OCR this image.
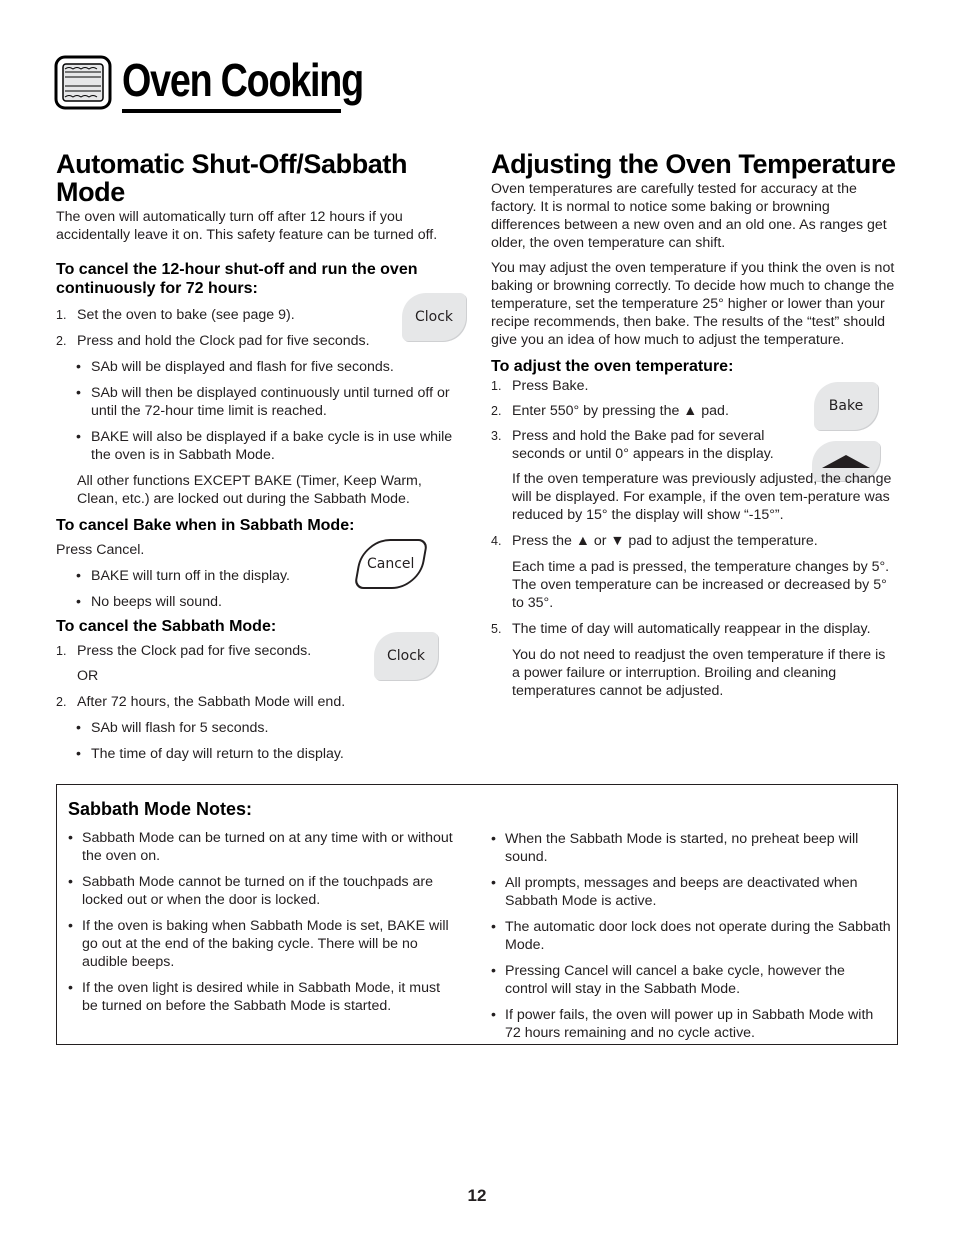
Oven Cooking
Automatic Shut-Off/Sabbath Mode

The oven will automatically turn off after 12 hours if you accidentally leave it on. This safety feature can be turned off.

To cancel the 12-hour shut-off and run the oven continuously for 72 hours:
1. Set the oven to bake (see page 9).
2. Press and hold the Clock pad for five seconds.
• SAb will be displayed and flash for five seconds.
• SAb will then be displayed continuously until turned off or until the 72-hour time limit is reached.
• BAKE will also be displayed if a bake cycle is in use while the oven is in Sabbath Mode.

All other functions EXCEPT BAKE (Timer, Keep Warm, Clean, etc.) are locked out during the Sabbath Mode.

To cancel Bake when in Sabbath Mode:

Press Cancel.

• BAKE will turn off in the display.
• No beeps will sound.
To cancel the Sabbath Mode:
1. Press the Clock pad for five seconds.

OR

2. After 72 hours, the Sabbath Mode will end.
• SAb will flash for 5 seconds.
• The time of day will return to the display.
Clock
Cancel
Clock
Bake
Adjusting the Oven Temperature

Oven temperatures are carefully tested for accuracy at the factory. It is normal to notice some baking or browning differences between a new oven and an old one. As ranges get older, the oven temperature can shift.

You may adjust the oven temperature if you think the oven is not baking or browning correctly. To decide how much to change the temperature, set the temperature 25° higher or lower than your recipe recommends, then bake. The results of the “test” should give you an idea of how much to adjust the temperature.

To adjust the oven temperature:
1. Press Bake.
2. Enter 550° by pressing the ▲ pad.
3. Press and hold the Bake pad for several seconds or until 0° appears in the display.

If the oven temperature was previously adjusted, the change will be displayed. For example, if the oven tem-perature was reduced by 15° the display will show “-15°”.

4. Press the ▲ or ▼ pad to adjust the temperature.

Each time a pad is pressed, the temperature changes by 5°. The oven temperature can be increased or decreased by 5° to 35°.

5. The time of day will automatically reappear in the display.

You do not need to readjust the oven temperature if there is a power failure or interruption. Broiling and cleaning temperatures cannot be adjusted.

Sabbath Mode Notes:
• Sabbath Mode can be turned on at any time with or without the oven on.
• Sabbath Mode cannot be turned on if the touchpads are locked out or when the door is locked.
• If the oven is baking when Sabbath Mode is set, BAKE will go out at the end of the baking cycle. There will be no audible beeps.
• If the oven light is desired while in Sabbath Mode, it must be turned on before the Sabbath Mode is started.
• When the Sabbath Mode is started, no preheat beep will sound.
• All prompts, messages and beeps are deactivated when Sabbath Mode is active.
• The automatic door lock does not operate during the Sabbath Mode.
• Pressing Cancel will cancel a bake cycle, however the control will stay in the Sabbath Mode.
• If power fails, the oven will power up in Sabbath Mode with 72 hours remaining and no cycle active.
12
